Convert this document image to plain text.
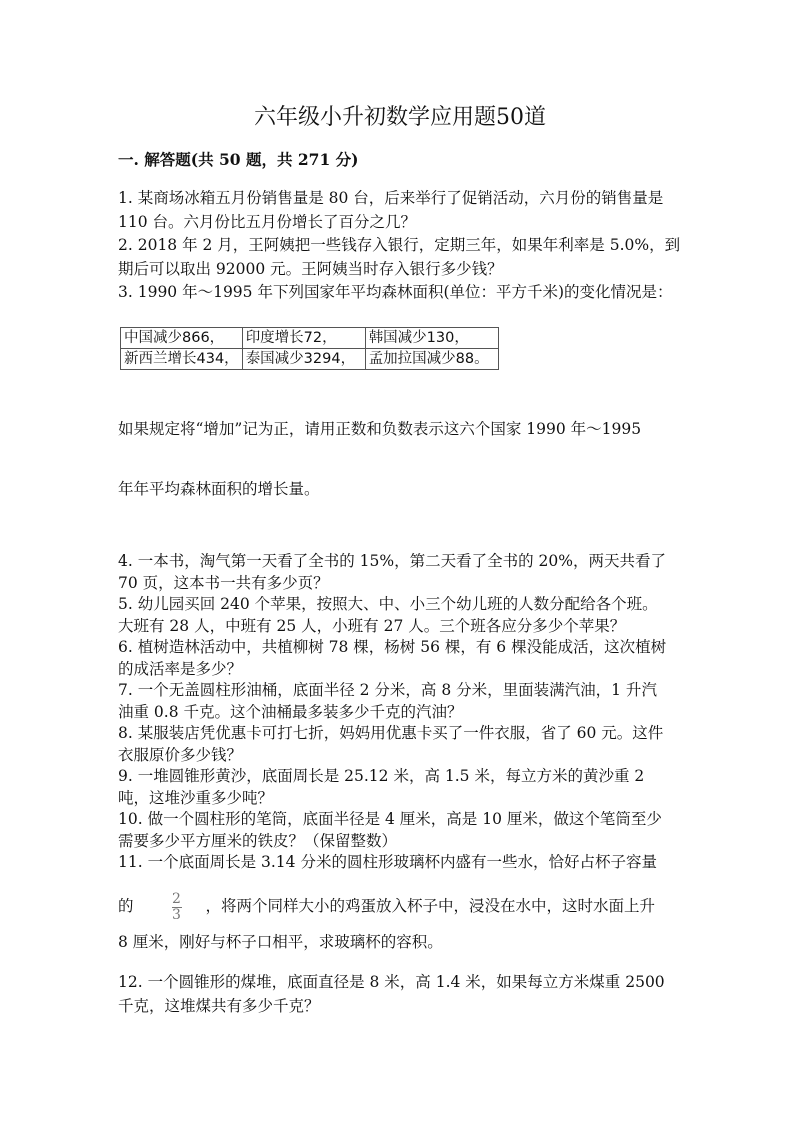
六年级小升初数学应用题50道
一. 解答题(共 50 题，共 271 分)
1. 某商场冰箱五月份销售量是 80 台，后来举行了促销活动，六月份的销售量是
110 台。六月份比五月份增长了百分之几？
2. 2018 年 2 月，王阿姨把一些钱存入银行，定期三年，如果年利率是 5.0%，到
期后可以取出 92000 元。王阿姨当时存入银行多少钱？
3. 1990 年～1995 年下列国家年平均森林面积(单位：平方千米)的变化情况是：
中国减少866，	印度增长72，	韩国减少130，
新西兰增长434，	泰国减少3294，	孟加拉国减少88。
如果规定将“增加”记为正，请用正数和负数表示这六个国家 1990 年～1995
年年平均森林面积的增长量。
4. 一本书，淘气第一天看了全书的 15%，第二天看了全书的 20%，两天共看了
70 页，这本书一共有多少页？
5. 幼儿园买回 240 个苹果，按照大、中、小三个幼儿班的人数分配给各个班。
大班有 28 人，中班有 25 人，小班有 27 人。三个班各应分多少个苹果？
6. 植树造林活动中，共植柳树 78 棵，杨树 56 棵，有 6 棵没能成活，这次植树
的成活率是多少？
7. 一个无盖圆柱形油桶，底面半径 2 分米，高 8 分米，里面装满汽油，1 升汽
油重 0.8 千克。这个油桶最多装多少千克的汽油？
8. 某服装店凭优惠卡可打七折，妈妈用优惠卡买了一件衣服，省了 60 元。这件
衣服原价多少钱？
9. 一堆圆锥形黄沙，底面周长是 25.12 米，高 1.5 米，每立方米的黄沙重 2
吨，这堆沙重多少吨？
10. 做一个圆柱形的笔筒，底面半径是 4 厘米，高是 10 厘米，做这个笔筒至少
需要多少平方厘米的铁皮？（保留整数）
11. 一个底面周长是 3.14 分米的圆柱形玻璃杯内盛有一些水，恰好占杯子容量
的	$\frac{2}{3}$ ，将两个同样大小的鸡蛋放入杯子中，浸没在水中，这时水面上升
8 厘米，刚好与杯子口相平，求玻璃杯的容积。
12. 一个圆锥形的煤堆，底面直径是 8 米，高 1.4 米，如果每立方米煤重 2500
千克，这堆煤共有多少千克？
